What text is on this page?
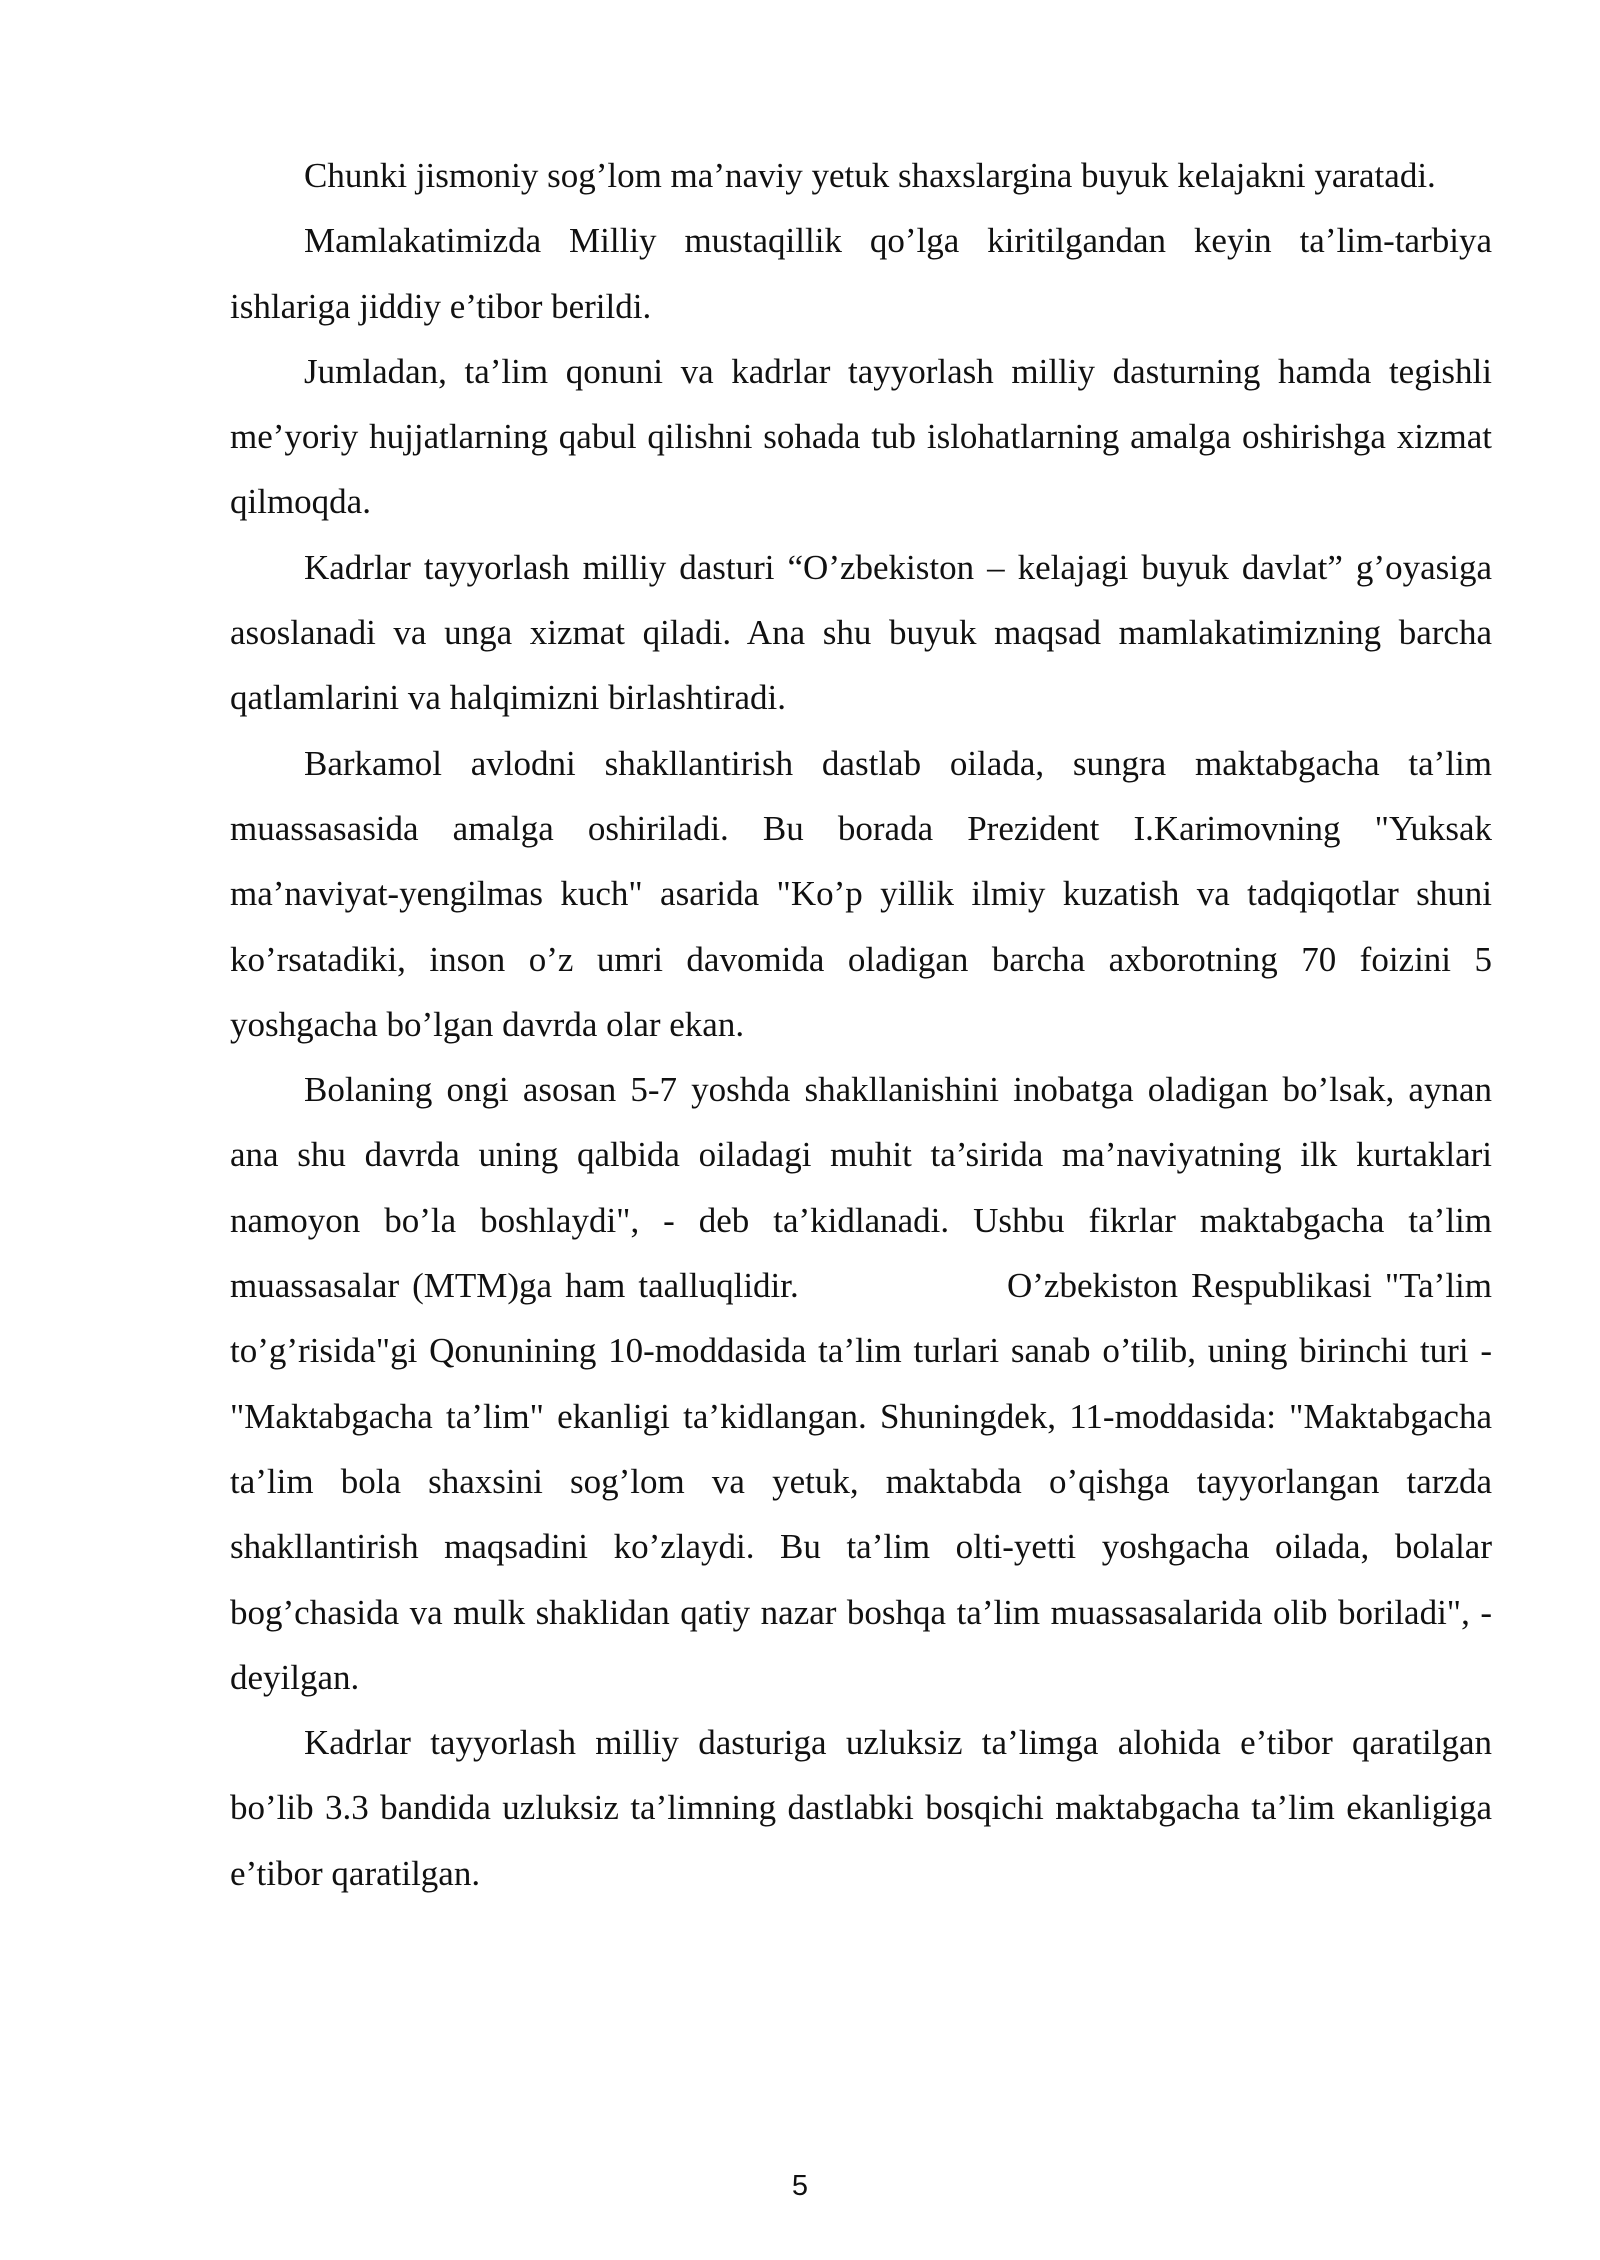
Chunki jismoniy sog’lom ma’naviy yetuk shaxslargina buyuk kelajakni yaratadi.

Mamlakatimizda Milliy mustaqillik qo’lga kiritilgandan keyin ta’lim-tarbiya ishlariga jiddiy e’tibor berildi.

Jumladan, ta’lim qonuni va kadrlar tayyorlash milliy dasturning hamda tegishli me’yoriy hujjatlarning qabul qilishni sohada tub islohatlarning amalga oshirishga xizmat qilmoqda.

Kadrlar tayyorlash milliy dasturi “O’zbekiston – kelajagi buyuk davlat” g’oyasiga asoslanadi va unga xizmat qiladi. Ana shu buyuk maqsad mamlakatimizning barcha qatlamlarini va halqimizni birlashtiradi.

Barkamol avlodni shakllantirish dastlab oilada, sungra maktabgacha ta’lim muassasasida amalga oshiriladi. Bu borada Prezident I.Karimovning "Yuksak ma’naviyat-yengilmas kuch" asarida "Ko’p yillik ilmiy kuzatish va tadqiqotlar shuni ko’rsatadiki, inson o’z umri davomida oladigan barcha axborotning 70 foizini 5 yoshgacha bo’lgan davrda olar ekan.

Bolaning ongi asosan 5-7 yoshda shakllanishini inobatga oladigan bo’lsak, aynan ana shu davrda uning qalbida oiladagi muhit ta’sirida ma’naviyatning ilk kurtaklari namoyon bo’la boshlaydi", - deb ta’kidlanadi. Ushbu fikrlar maktabgacha ta’lim muassasalar (MTM)ga ham taalluqlidir.                O’zbekiston Respublikasi "Ta’lim to’g’risida"gi Qonunining 10-moddasida ta’lim turlari sanab o’tilib, uning birinchi turi - "Maktabgacha ta’lim" ekanligi ta’kidlangan. Shuningdek, 11-moddasida: "Maktabgacha ta’lim bola shaxsini sog’lom va yetuk, maktabda o’qishga tayyorlangan tarzda shakllantirish maqsadini ko’zlaydi. Bu ta’lim olti-yetti yoshgacha oilada, bolalar bog’chasida va mulk shaklidan qatiy nazar boshqa ta’lim muassasalarida olib boriladi", - deyilgan.

Kadrlar tayyorlash milliy dasturiga uzluksiz ta’limga alohida e’tibor qaratilgan bo’lib 3.3 bandida uzluksiz ta’limning dastlabki bosqichi maktabgacha ta’lim ekanligiga e’tibor qaratilgan.

5
